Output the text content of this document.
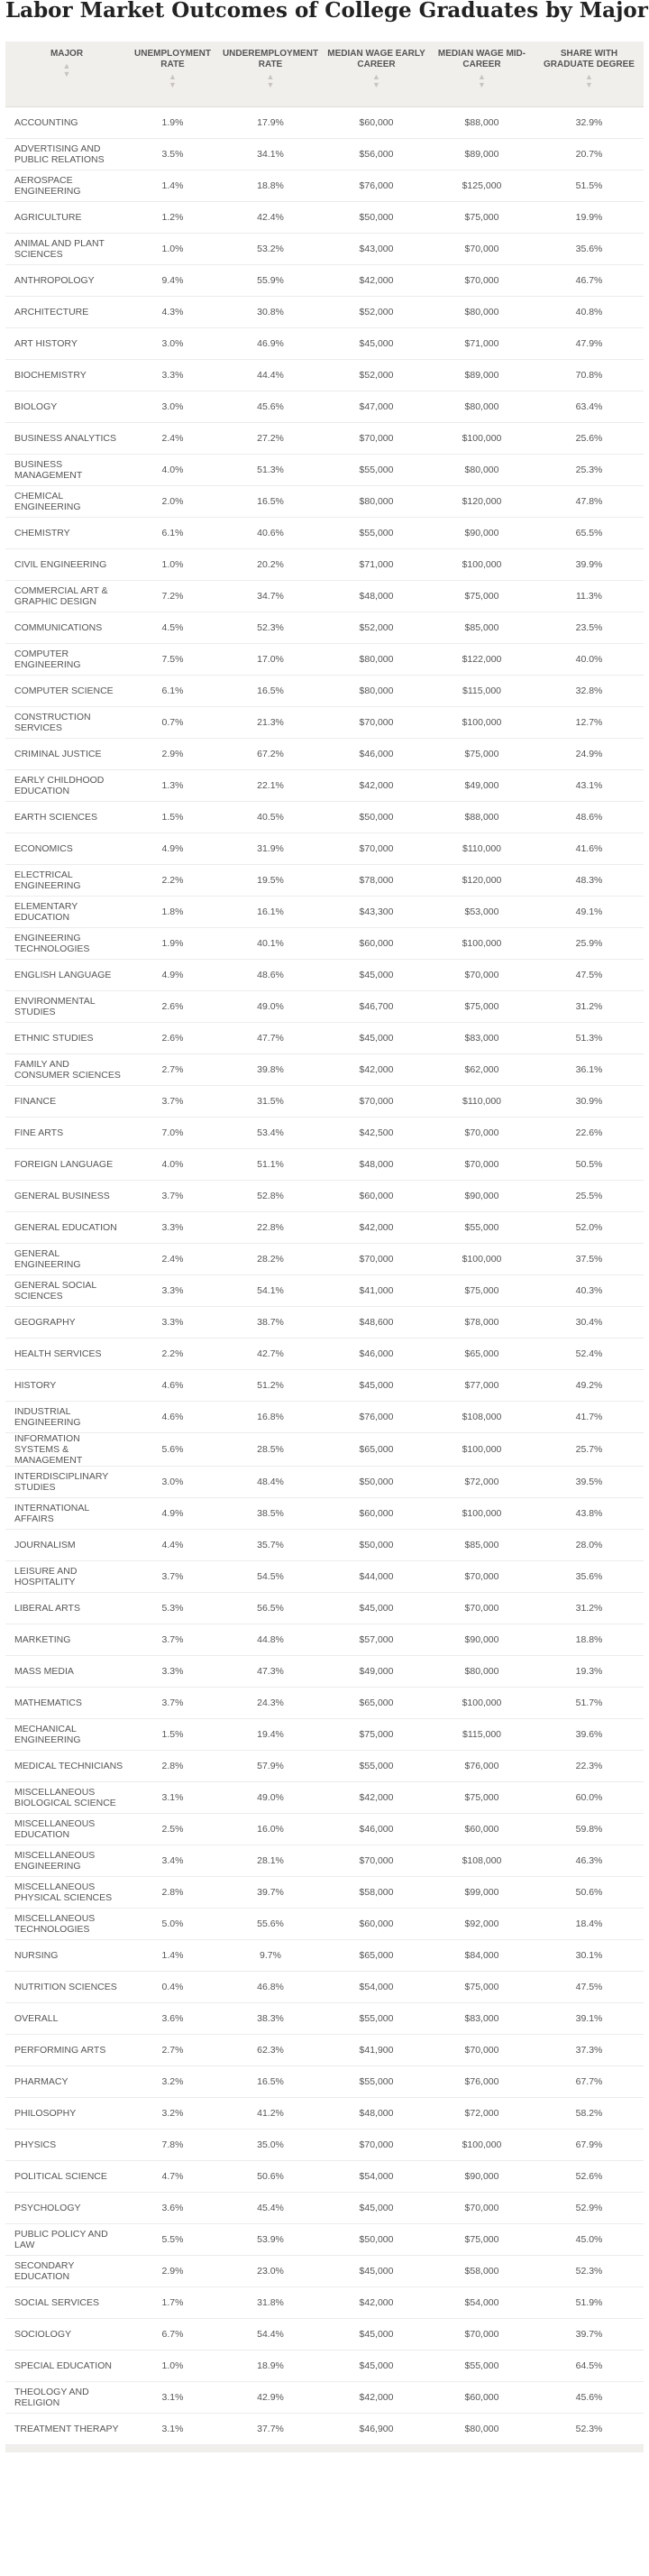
Labor Market Outcomes of College Graduates by Major
MAJOR
▲
▼	UNEMPLOYMENT RATE
▲
▼	UNDEREMPLOYMENT RATE
▲
▼	MEDIAN WAGE EARLY CAREER
▲
▼	MEDIAN WAGE MID-CAREER
▲
▼	SHARE WITH GRADUATE DEGREE
▲
▼

ACCOUNTING	1.9%	17.9%	$60,000	$88,000	32.9%
ADVERTISING AND PUBLIC RELATIONS	3.5%	34.1%	$56,000	$89,000	20.7%
AEROSPACE ENGINEERING	1.4%	18.8%	$76,000	$125,000	51.5%
AGRICULTURE	1.2%	42.4%	$50,000	$75,000	19.9%
ANIMAL AND PLANT SCIENCES	1.0%	53.2%	$43,000	$70,000	35.6%
ANTHROPOLOGY	9.4%	55.9%	$42,000	$70,000	46.7%
ARCHITECTURE	4.3%	30.8%	$52,000	$80,000	40.8%
ART HISTORY	3.0%	46.9%	$45,000	$71,000	47.9%
BIOCHEMISTRY	3.3%	44.4%	$52,000	$89,000	70.8%
BIOLOGY	3.0%	45.6%	$47,000	$80,000	63.4%
BUSINESS ANALYTICS	2.4%	27.2%	$70,000	$100,000	25.6%
BUSINESS MANAGEMENT	4.0%	51.3%	$55,000	$80,000	25.3%
CHEMICAL ENGINEERING	2.0%	16.5%	$80,000	$120,000	47.8%
CHEMISTRY	6.1%	40.6%	$55,000	$90,000	65.5%
CIVIL ENGINEERING	1.0%	20.2%	$71,000	$100,000	39.9%
COMMERCIAL ART & GRAPHIC DESIGN	7.2%	34.7%	$48,000	$75,000	11.3%
COMMUNICATIONS	4.5%	52.3%	$52,000	$85,000	23.5%
COMPUTER ENGINEERING	7.5%	17.0%	$80,000	$122,000	40.0%
COMPUTER SCIENCE	6.1%	16.5%	$80,000	$115,000	32.8%
CONSTRUCTION SERVICES	0.7%	21.3%	$70,000	$100,000	12.7%
CRIMINAL JUSTICE	2.9%	67.2%	$46,000	$75,000	24.9%
EARLY CHILDHOOD EDUCATION	1.3%	22.1%	$42,000	$49,000	43.1%
EARTH SCIENCES	1.5%	40.5%	$50,000	$88,000	48.6%
ECONOMICS	4.9%	31.9%	$70,000	$110,000	41.6%
ELECTRICAL ENGINEERING	2.2%	19.5%	$78,000	$120,000	48.3%
ELEMENTARY EDUCATION	1.8%	16.1%	$43,300	$53,000	49.1%
ENGINEERING TECHNOLOGIES	1.9%	40.1%	$60,000	$100,000	25.9%
ENGLISH LANGUAGE	4.9%	48.6%	$45,000	$70,000	47.5%
ENVIRONMENTAL STUDIES	2.6%	49.0%	$46,700	$75,000	31.2%
ETHNIC STUDIES	2.6%	47.7%	$45,000	$83,000	51.3%
FAMILY AND CONSUMER SCIENCES	2.7%	39.8%	$42,000	$62,000	36.1%
FINANCE	3.7%	31.5%	$70,000	$110,000	30.9%
FINE ARTS	7.0%	53.4%	$42,500	$70,000	22.6%
FOREIGN LANGUAGE	4.0%	51.1%	$48,000	$70,000	50.5%
GENERAL BUSINESS	3.7%	52.8%	$60,000	$90,000	25.5%
GENERAL EDUCATION	3.3%	22.8%	$42,000	$55,000	52.0%
GENERAL ENGINEERING	2.4%	28.2%	$70,000	$100,000	37.5%
GENERAL SOCIAL SCIENCES	3.3%	54.1%	$41,000	$75,000	40.3%
GEOGRAPHY	3.3%	38.7%	$48,600	$78,000	30.4%
HEALTH SERVICES	2.2%	42.7%	$46,000	$65,000	52.4%
HISTORY	4.6%	51.2%	$45,000	$77,000	49.2%
INDUSTRIAL ENGINEERING	4.6%	16.8%	$76,000	$108,000	41.7%
INFORMATION SYSTEMS & MANAGEMENT	5.6%	28.5%	$65,000	$100,000	25.7%
INTERDISCIPLINARY STUDIES	3.0%	48.4%	$50,000	$72,000	39.5%
INTERNATIONAL AFFAIRS	4.9%	38.5%	$60,000	$100,000	43.8%
JOURNALISM	4.4%	35.7%	$50,000	$85,000	28.0%
LEISURE AND HOSPITALITY	3.7%	54.5%	$44,000	$70,000	35.6%
LIBERAL ARTS	5.3%	56.5%	$45,000	$70,000	31.2%
MARKETING	3.7%	44.8%	$57,000	$90,000	18.8%
MASS MEDIA	3.3%	47.3%	$49,000	$80,000	19.3%
MATHEMATICS	3.7%	24.3%	$65,000	$100,000	51.7%
MECHANICAL ENGINEERING	1.5%	19.4%	$75,000	$115,000	39.6%
MEDICAL TECHNICIANS	2.8%	57.9%	$55,000	$76,000	22.3%
MISCELLANEOUS BIOLOGICAL SCIENCE	3.1%	49.0%	$42,000	$75,000	60.0%
MISCELLANEOUS EDUCATION	2.5%	16.0%	$46,000	$60,000	59.8%
MISCELLANEOUS ENGINEERING	3.4%	28.1%	$70,000	$108,000	46.3%
MISCELLANEOUS PHYSICAL SCIENCES	2.8%	39.7%	$58,000	$99,000	50.6%
MISCELLANEOUS TECHNOLOGIES	5.0%	55.6%	$60,000	$92,000	18.4%
NURSING	1.4%	9.7%	$65,000	$84,000	30.1%
NUTRITION SCIENCES	0.4%	46.8%	$54,000	$75,000	47.5%
OVERALL	3.6%	38.3%	$55,000	$83,000	39.1%
PERFORMING ARTS	2.7%	62.3%	$41,900	$70,000	37.3%
PHARMACY	3.2%	16.5%	$55,000	$76,000	67.7%
PHILOSOPHY	3.2%	41.2%	$48,000	$72,000	58.2%
PHYSICS	7.8%	35.0%	$70,000	$100,000	67.9%
POLITICAL SCIENCE	4.7%	50.6%	$54,000	$90,000	52.6%
PSYCHOLOGY	3.6%	45.4%	$45,000	$70,000	52.9%
PUBLIC POLICY AND LAW	5.5%	53.9%	$50,000	$75,000	45.0%
SECONDARY EDUCATION	2.9%	23.0%	$45,000	$58,000	52.3%
SOCIAL SERVICES	1.7%	31.8%	$42,000	$54,000	51.9%
SOCIOLOGY	6.7%	54.4%	$45,000	$70,000	39.7%
SPECIAL EDUCATION	1.0%	18.9%	$45,000	$55,000	64.5%
THEOLOGY AND RELIGION	3.1%	42.9%	$42,000	$60,000	45.6%
TREATMENT THERAPY	3.1%	37.7%	$46,900	$80,000	52.3%
